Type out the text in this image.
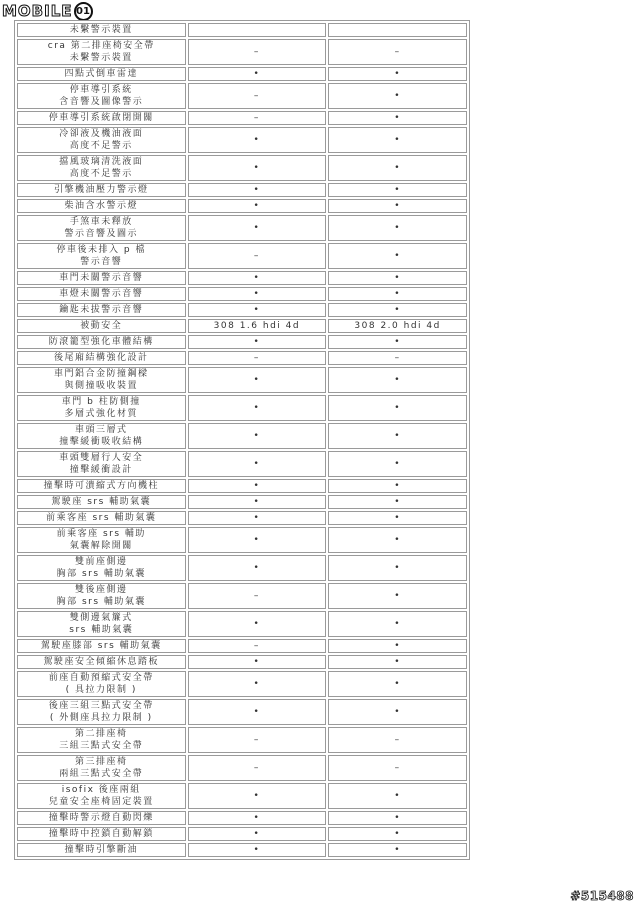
MOBILE 01
未繫警示裝置		

cra 第二排座椅安全帶
未繫警示裝置	–	–

四點式倒車雷達	•	•

停車導引系統
含音響及圖像警示	–	•

停車導引系統啟閉開關	–	•

冷卻液及機油液面
高度不足警示	•	•

擋風玻璃清洗液面
高度不足警示	•	•

引擎機油壓力警示燈	•	•

柴油含水警示燈	•	•

手煞車未釋放
警示音響及圖示	•	•

停車後未排入 p 檔
警示音響	–	•

車門未關警示音響	•	•

車燈未關警示音響	•	•

鑰匙未拔警示音響	•	•

被動安全	308 1.6 hdi 4d	308 2.0 hdi 4d

防滾籠型強化車體結構	•	•

後尾廂結構強化設計	–	–

車門鋁合金防撞鋼樑
與側撞吸收裝置	•	•

車門 b 柱防側撞
多層式強化材質	•	•

車頭三層式
撞擊緩衝吸收結構	•	•

車頭雙層行人安全
撞擊緩衝設計	•	•

撞擊時可潰縮式方向機柱	•	•

駕駛座 srs 輔助氣囊	•	•

前乘客座 srs 輔助氣囊	•	•

前乘客座 srs 輔助
氣囊解除開關	•	•

雙前座側邊
胸部 srs 輔助氣囊	•	•

雙後座側邊
胸部 srs 輔助氣囊	–	•

雙側邊氣簾式
srs 輔助氣囊	•	•

駕駛座膝部 srs 輔助氣囊	–	•

駕駛座安全傾縮休息踏板	•	•

前座自動預縮式安全帶
( 具拉力限制 )	•	•

後座三組三點式安全帶
( 外側座具拉力限制 )	•	•

第二排座椅
三組三點式安全帶	–	–

第三排座椅
兩組三點式安全帶	–	–

isofix 後座兩組
兒童安全座椅固定裝置	•	•

撞擊時警示燈自動閃爍	•	•

撞擊時中控鎖自動解鎖	•	•

撞擊時引擎斷油	•	•
#515488
